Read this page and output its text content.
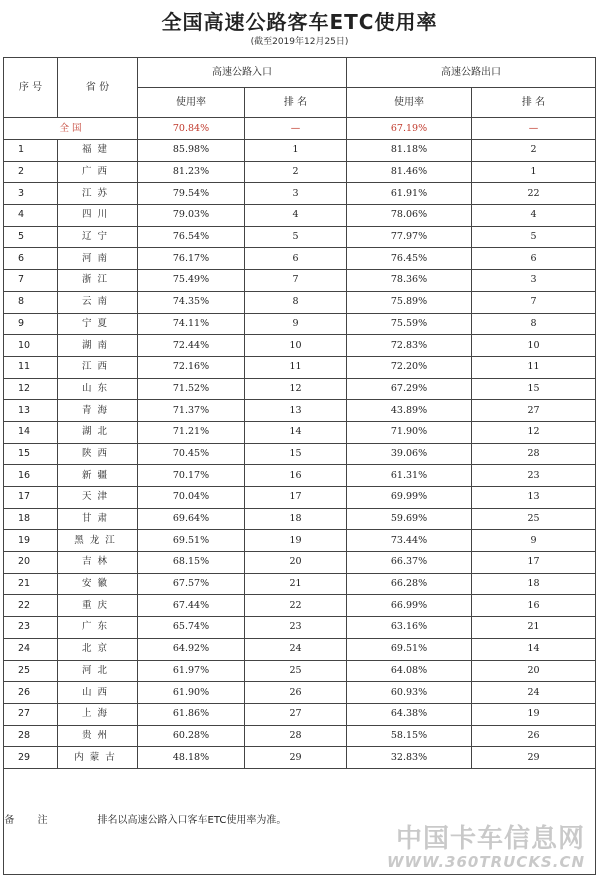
全国高速公路客车ETC使用率
(截至2019年12月25日)
序 号	省 份	高速公路入口		高速公路出口	
		使用率	排 名	使用率	排 名
全 国		70.84%	—	67.19%	—
1	福建	85.98%	1	81.18%	2
2	广西	81.23%	2	81.46%	1
3	江苏	79.54%	3	61.91%	22
4	四川	79.03%	4	78.06%	4
5	辽宁	76.54%	5	77.97%	5
6	河南	76.17%	6	76.45%	6
7	浙江	75.49%	7	78.36%	3
8	云南	74.35%	8	75.89%	7
9	宁夏	74.11%	9	75.59%	8
10	湖南	72.44%	10	72.83%	10
11	江西	72.16%	11	72.20%	11
12	山东	71.52%	12	67.29%	15
13	青海	71.37%	13	43.89%	27
14	湖北	71.21%	14	71.90%	12
15	陕西	70.45%	15	39.06%	28
16	新疆	70.17%	16	61.31%	23
17	天津	70.04%	17	69.99%	13
18	甘肃	69.64%	18	59.69%	25
19	黑龙江	69.51%	19	73.44%	9
20	吉林	68.15%	20	66.37%	17
21	安徽	67.57%	21	66.28%	18
22	重庆	67.44%	22	66.99%	16
23	广东	65.74%	23	63.16%	21
24	北京	64.92%	24	69.51%	14
25	河北	61.97%	25	64.08%	20
26	山西	61.90%	26	60.93%	24
27	上海	61.86%	27	64.38%	19
28	贵州	60.28%	28	58.15%	26
29	内蒙古	48.18%	29	32.83%	29
备 注	排名以高速公路入口客车ETC使用率为准。				
中国卡车信息网
WWW.360TRUCKS.CN
